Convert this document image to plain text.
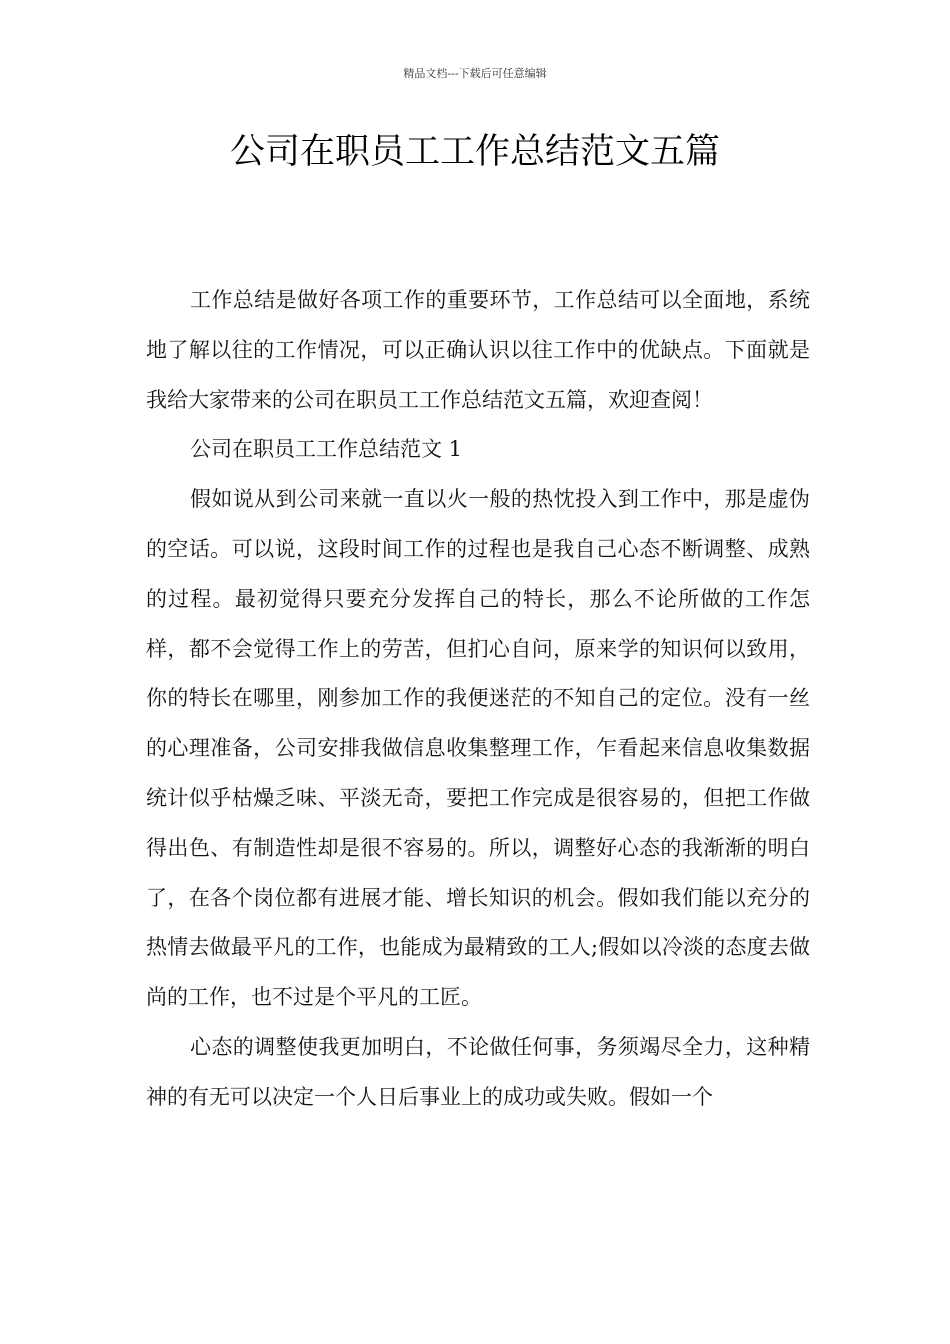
精品文档---下载后可任意编辑
公司在职员工工作总结范文五篇

工作总结是做好各项工作的重要环节，工作总结可以全面地，系统地了解以往的工作情况，可以正确认识以往工作中的优缺点。下面就是我给大家带来的公司在职员工工作总结范文五篇，欢迎查阅！

公司在职员工工作总结范文 1

假如说从到公司来就一直以火一般的热忱投入到工作中，那是虚伪的空话。可以说，这段时间工作的过程也是我自己心态不断调整、成熟的过程。最初觉得只要充分发挥自己的特长，那么不论所做的工作怎样，都不会觉得工作上的劳苦，但扪心自问，原来学的知识何以致用，你的特长在哪里，刚参加工作的我便迷茫的不知自己的定位。没有一丝的心理准备，公司安排我做信息收集整理工作，乍看起来信息收集数据统计似乎枯燥乏味、平淡无奇，要把工作完成是很容易的，但把工作做得出色、有制造性却是很不容易的。所以，调整好心态的我渐渐的明白了，在各个岗位都有进展才能、增长知识的机会。假如我们能以充分的热情去做最平凡的工作，也能成为最精致的工人;假如以冷淡的态度去做尚的工作，也不过是个平凡的工匠。

心态的调整使我更加明白，不论做任何事，务须竭尽全力，这种精神的有无可以决定一个人日后事业上的成功或失败。假如一个
